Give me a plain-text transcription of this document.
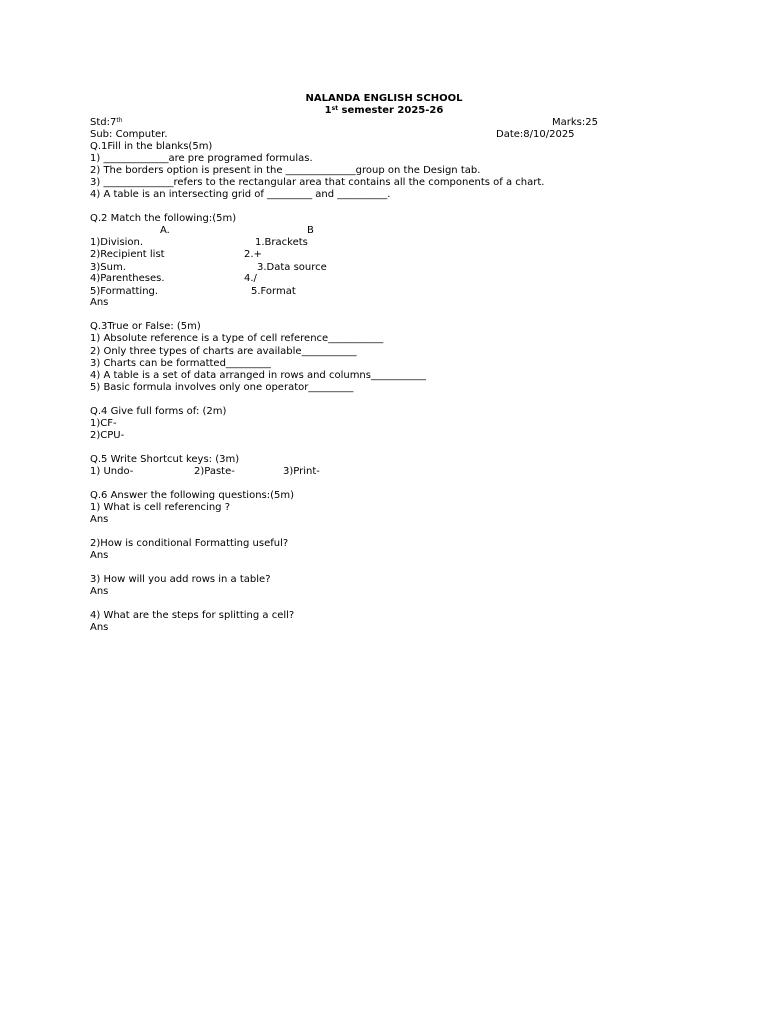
NALANDA ENGLISH SCHOOL
1st semester 2025-26
Std:7th	Marks:25
Sub: Computer.	Date:8/10/2025
Q.1Fill in the blanks(5m)
1) _____________are pre programed formulas.
2) The borders option is present in the ______________group on the Design tab.
3) ______________refers to the rectangular area that contains all the components of a chart.
4) A table is an intersecting grid of _________ and __________.
Q.2 Match the following:(5m)
A.	B
1)Division.	1.Brackets
2)Recipient list	2.+
3)Sum.	3.Data source
4)Parentheses.	4./
5)Formatting.	5.Format
Ans
Q.3True or False: (5m)
1) Absolute reference is a type of cell reference___________
2) Only three types of charts are available___________
3) Charts can be formatted_________
4) A table is a set of data arranged in rows and columns___________
5) Basic formula involves only one operator_________
Q.4 Give full forms of: (2m)
1)CF-
2)CPU-
Q.5 Write Shortcut keys: (3m)
1) Undo-	2)Paste-	3)Print-
Q.6 Answer the following questions:(5m)
1) What is cell referencing ?
Ans
2)How is conditional Formatting useful?
Ans
3) How will you add rows in a table?
Ans
4) What are the steps for splitting a cell?
Ans
